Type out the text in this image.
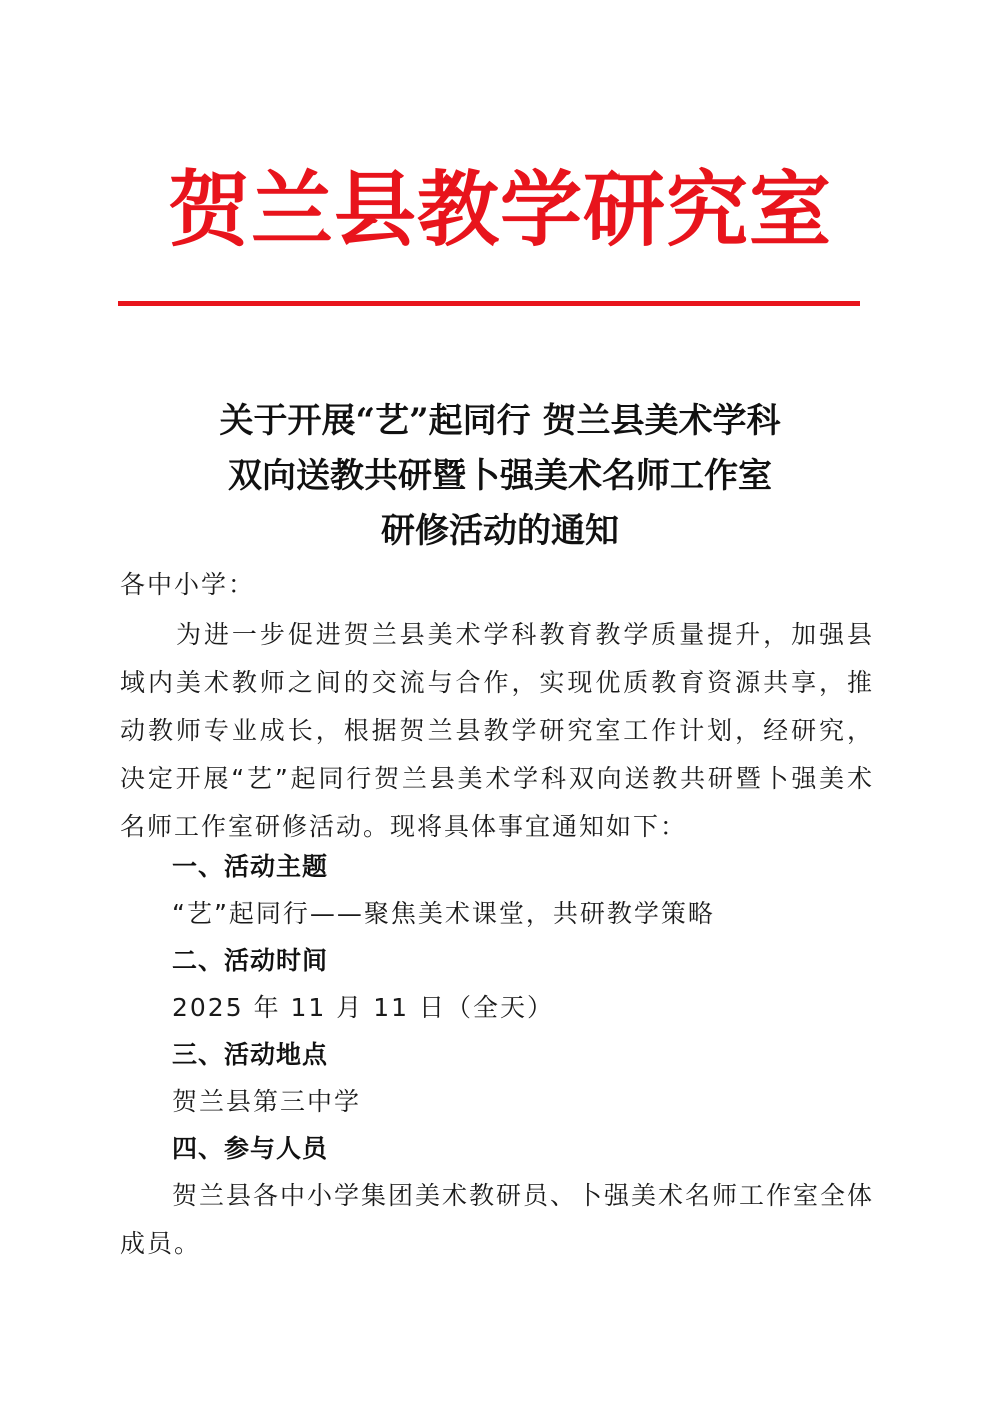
贺兰县教学研究室
关于开展“艺”起同行 贺兰县美术学科
双向送教共研暨卜强美术名师工作室
研修活动的通知
各中小学：
为进一步促进贺兰县美术学科教育教学质量提升，加强县域内美术教师之间的交流与合作，实现优质教育资源共享，推动教师专业成长，根据贺兰县教学研究室工作计划，经研究，决定开展“艺”起同行贺兰县美术学科双向送教共研暨卜强美术名师工作室研修活动。现将具体事宜通知如下：
一、活动主题
“艺”起同行——聚焦美术课堂，共研教学策略
二、活动时间
2025 年 11 月 11 日（全天）
三、活动地点
贺兰县第三中学
四、参与人员
贺兰县各中小学集团美术教研员、卜强美术名师工作室全体成员。
